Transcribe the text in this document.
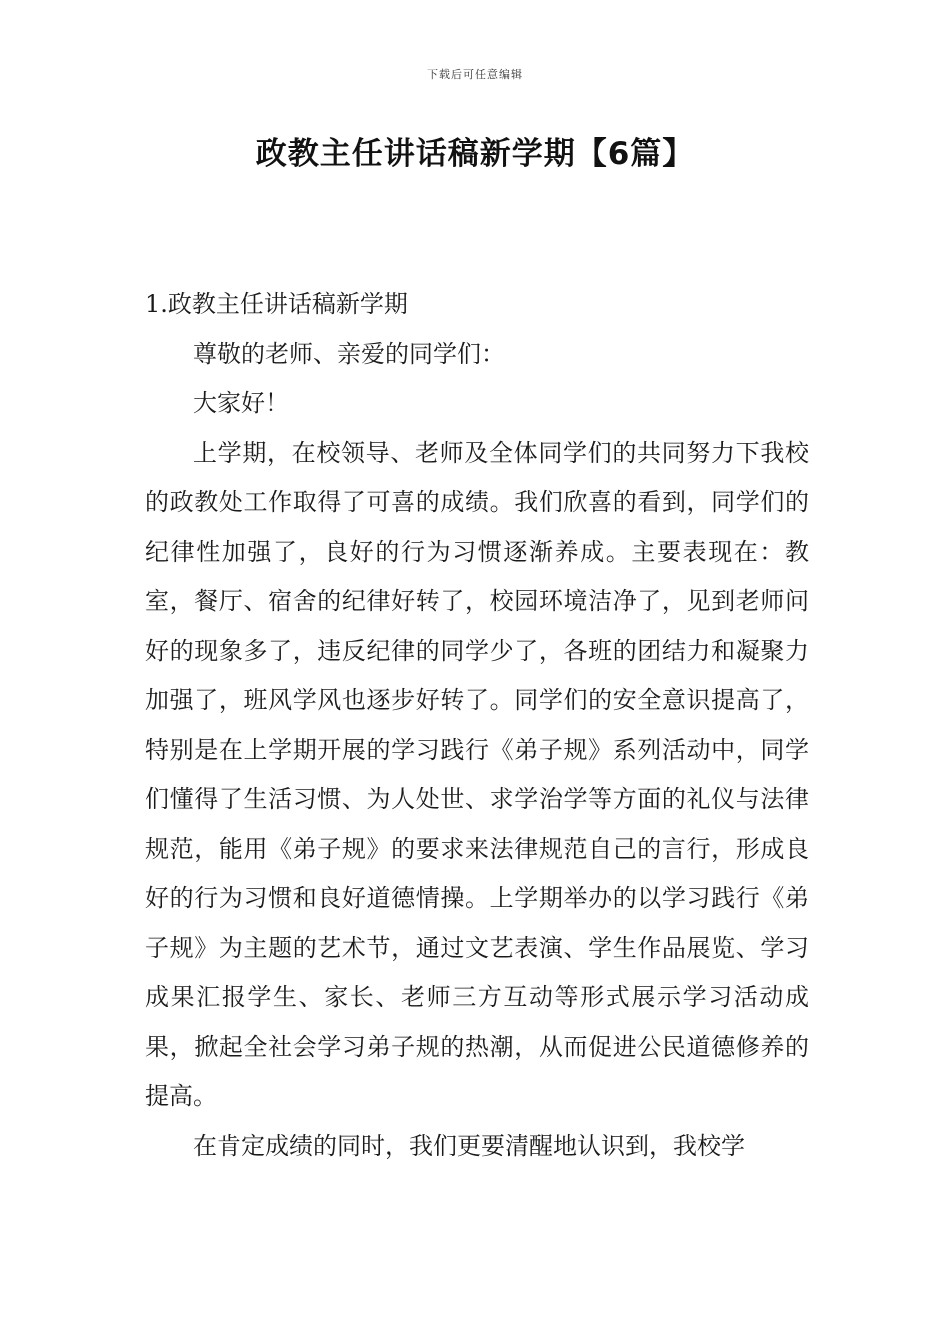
下载后可任意编辑
政教主任讲话稿新学期【6篇】
1.政教主任讲话稿新学期

尊敬的老师、亲爱的同学们：

大家好！

上学期，在校领导、老师及全体同学们的共同努力下我校的政教处工作取得了可喜的成绩。我们欣喜的看到，同学们的纪律性加强了，良好的行为习惯逐渐养成。主要表现在：教室，餐厅、宿舍的纪律好转了，校园环境洁净了，见到老师问好的现象多了，违反纪律的同学少了，各班的团结力和凝聚力加强了，班风学风也逐步好转了。同学们的安全意识提高了，特别是在上学期开展的学习践行《弟子规》系列活动中，同学们懂得了生活习惯、为人处世、求学治学等方面的礼仪与法律规范，能用《弟子规》的要求来法律规范自己的言行，形成良好的行为习惯和良好道德情操。上学期举办的以学习践行《弟子规》为主题的艺术节，通过文艺表演、学生作品展览、学习成果汇报学生、家长、老师三方互动等形式展示学习活动成果，掀起全社会学习弟子规的热潮，从而促进公民道德修养的提高。

在肯定成绩的同时，我们更要清醒地认识到，我校学
